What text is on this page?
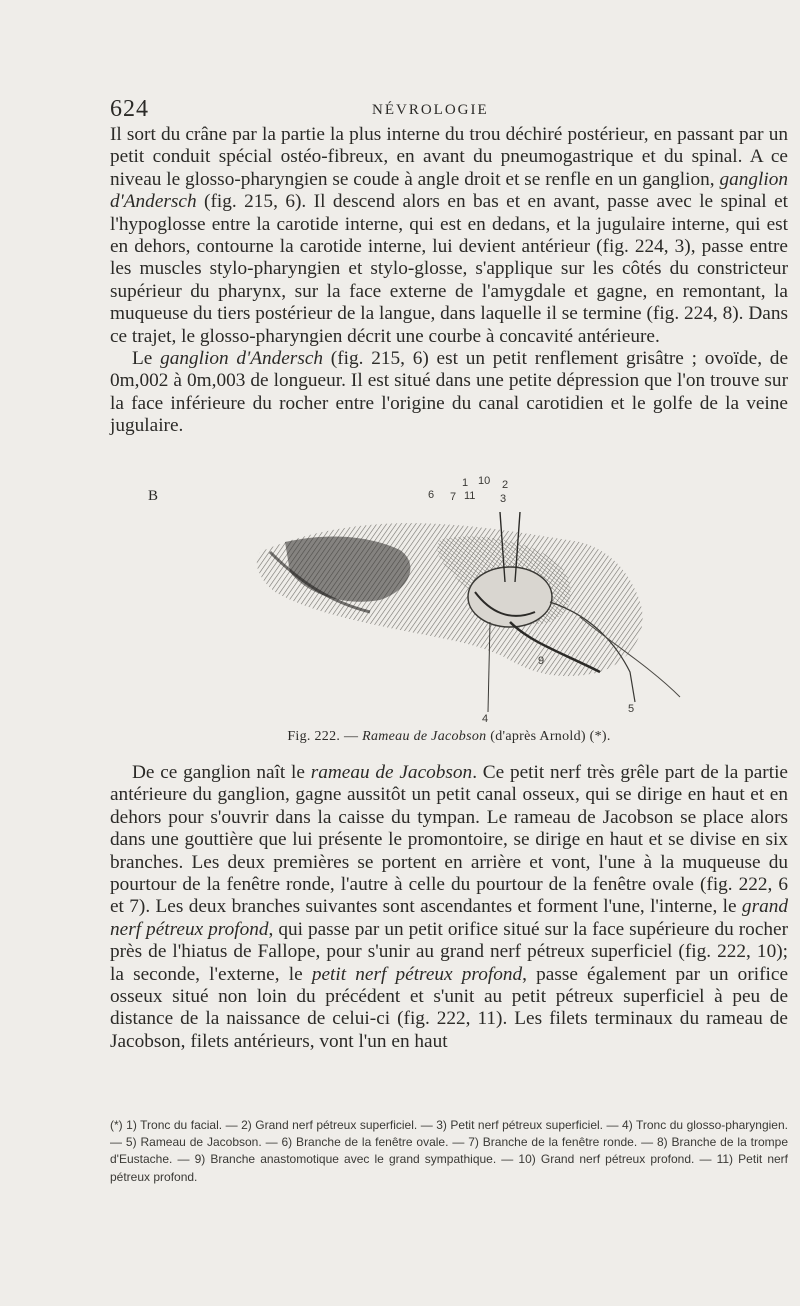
624	NÉVROLOGIE

Il sort du crâne par la partie la plus interne du trou déchiré postérieur, en passant par un petit conduit spécial ostéo-fibreux, en avant du pneumogastrique et du spinal. A ce niveau le glosso-pharyngien se coude à angle droit et se renfle en un ganglion, ganglion d'Andersch (fig. 215, 6). Il descend alors en bas et en avant, passe avec le spinal et l'hypoglosse entre la carotide interne, qui est en dedans, et la jugulaire interne, qui est en dehors, contourne la carotide interne, lui devient antérieur (fig. 224, 3), passe entre les muscles stylo-pharyngien et stylo-glosse, s'applique sur les côtés du constricteur supérieur du pharynx, sur la face externe de l'amygdale et gagne, en remontant, la muqueuse du tiers postérieur de la langue, dans laquelle il se termine (fig. 224, 8). Dans ce trajet, le glosso-pharyngien décrit une courbe à concavité antérieure.

Le ganglion d'Andersch (fig. 215, 6) est un petit renflement grisâtre ; ovoïde, de 0m,002 à 0m,003 de longueur. Il est situé dans une petite dépression que l'on trouve sur la face inférieure du rocher entre l'origine du canal carotidien et le golfe de la veine jugulaire.

B	6 7
1
11
10 2
3
9
4
5
Fig. 222. — Rameau de Jacobson (d'après Arnold) (*).

De ce ganglion naît le rameau de Jacobson. Ce petit nerf très grêle part de la partie antérieure du ganglion, gagne aussitôt un petit canal osseux, qui se dirige en haut et en dehors pour s'ouvrir dans la caisse du tympan. Le rameau de Jacobson se place alors dans une gouttière que lui présente le promontoire, se dirige en haut et se divise en six branches. Les deux premières se portent en arrière et vont, l'une à la muqueuse du pourtour de la fenêtre ronde, l'autre à celle du pourtour de la fenêtre ovale (fig. 222, 6 et 7). Les deux branches suivantes sont ascendantes et forment l'une, l'interne, le grand nerf pétreux profond, qui passe par un petit orifice situé sur la face supérieure du rocher près de l'hiatus de Fallope, pour s'unir au grand nerf pétreux superficiel (fig. 222, 10); la seconde, l'externe, le petit nerf pétreux profond, passe également par un orifice osseux situé non loin du précédent et s'unit au petit pétreux superficiel à peu de distance de la naissance de celui-ci (fig. 222, 11). Les filets terminaux du rameau de Jacobson, filets antérieurs, vont l'un en haut

(*) 1) Tronc du facial. — 2) Grand nerf pétreux superficiel. — 3) Petit nerf pétreux superficiel. — 4) Tronc du glosso-pharyngien. — 5) Rameau de Jacobson. — 6) Branche de la fenêtre ovale. — 7) Branche de la fenêtre ronde. — 8) Branche de la trompe d'Eustache. — 9) Branche anastomotique avec le grand sympathique. — 10) Grand nerf pétreux profond. — 11) Petit nerf pétreux profond.
